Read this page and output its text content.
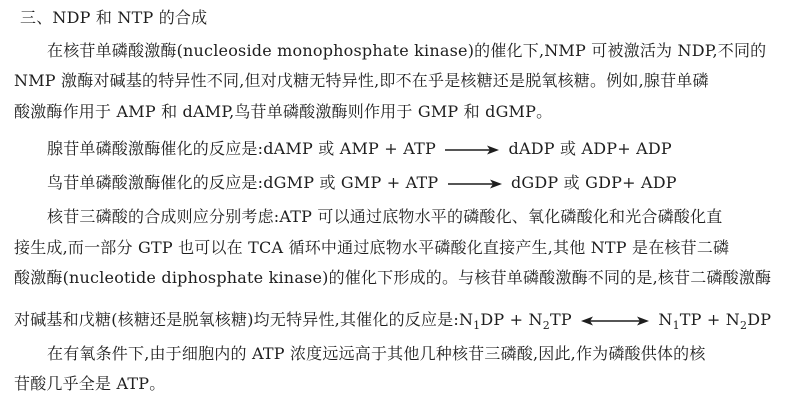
三、NDP 和 NTP 的合成
在核苷单磷酸激酶(nucleoside monophosphate kinase)的催化下,NMP 可被激活为 NDP,不同的
NMP 激酶对碱基的特异性不同,但对戊糖无特异性,即不在乎是核糖还是脱氧核糖。例如,腺苷单磷
酸激酶作用于 AMP 和 dAMP,鸟苷单磷酸激酶则作用于 GMP 和 dGMP。
腺苷单磷酸激酶催化的反应是:dAMP 或 AMP + ATP	dADP 或 ADP+ ADP
鸟苷单磷酸激酶催化的反应是:dGMP 或 GMP + ATP	dGDP 或 GDP+ ADP
核苷三磷酸的合成则应分别考虑:ATP 可以通过底物水平的磷酸化、氧化磷酸化和光合磷酸化直
接生成,而一部分 GTP 也可以在 TCA 循环中通过底物水平磷酸化直接产生,其他 NTP 是在核苷二磷
酸激酶(nucleotide diphosphate kinase)的催化下形成的。与核苷单磷酸激酶不同的是,核苷二磷酸激酶
对碱基和戊糖(核糖还是脱氧核糖)均无特异性,其催化的反应是$:N_1DP + N_2TP$	$N_1TP + N_2DP$
在有氧条件下,由于细胞内的 ATP 浓度远远高于其他几种核苷三磷酸,因此,作为磷酸供体的核
苷酸几乎全是 ATP。
